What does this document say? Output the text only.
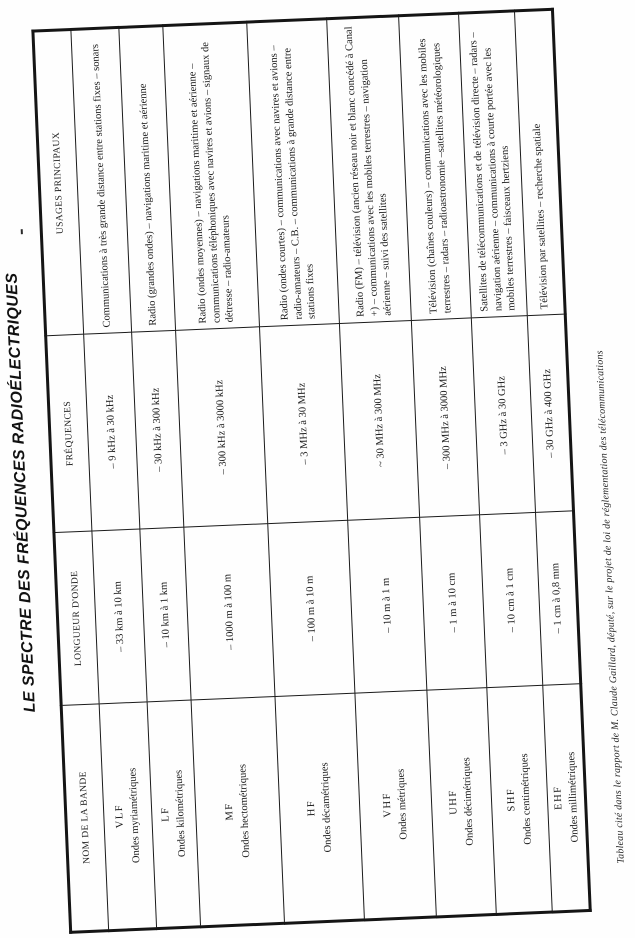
LE SPECTRE DES FRÉQUENCES RADIOÉLECTRIQUES
NOM DE LA BANDE	LONGUEUR D'ONDE	FRÉQUENCES	USAGES PRINCIPAUX

VLF Ondes myriamétriques	– 33 km à 10 km	– 9 kHz à 30 kHz	Communications à très grande distance entre stations fixes – sonars

LF Ondes kilométriques	– 10 km à 1 km	– 30 kHz à 300 kHz	Radio (grandes ondes) – navigations maritime et aérienne

MF Ondes hectométriques	– 1000 m à 100 m	– 300 kHz à 3000 kHz	Radio (ondes moyennes) – navigations maritime et aérienne – communications téléphoniques avec navires et avions – signaux de détresse – radio-amateurs

HF Ondes décamétriques	– 100 m à 10 m	– 3 MHz à 30 MHz	Radio (ondes courtes) – communications avec navires et avions – radio-amateurs – C.B. – communications à grande distance entre stations fixes

VHF Ondes métriques	– 10 m à 1 m	~ 30 MHz à 300 MHz	Radio (FM) – télévision (ancien réseau noir et blanc concédé à Canal +) – communications avec les mobiles terrestres – navigation aérienne – suivi des satellites

UHF Ondes décimétriques	– 1 m à 10 cm	– 300 MHz à 3000 MHz	Télévision (chaînes couleurs) – communications avec les mobiles terrestres – radars – radioastronomie –satellites météorologiques

SHF Ondes centimétriques	– 10 cm à 1 cm	– 3 GHz à 30 GHz	Satellites de télécommunications et de télévision directe – radars – navigation aérienne – communications à courte portée avec les mobiles terrestres – faisceaux hertziens

EHF Ondes millimétriques	– 1 cm à 0,8 mm	– 30 GHz à 400 GHz	Télévision par satellites – recherche spatiale
Tableau cité dans le rapport de M. Claude Gaillard, député, sur le projet de loi de réglementation des télécommunications
